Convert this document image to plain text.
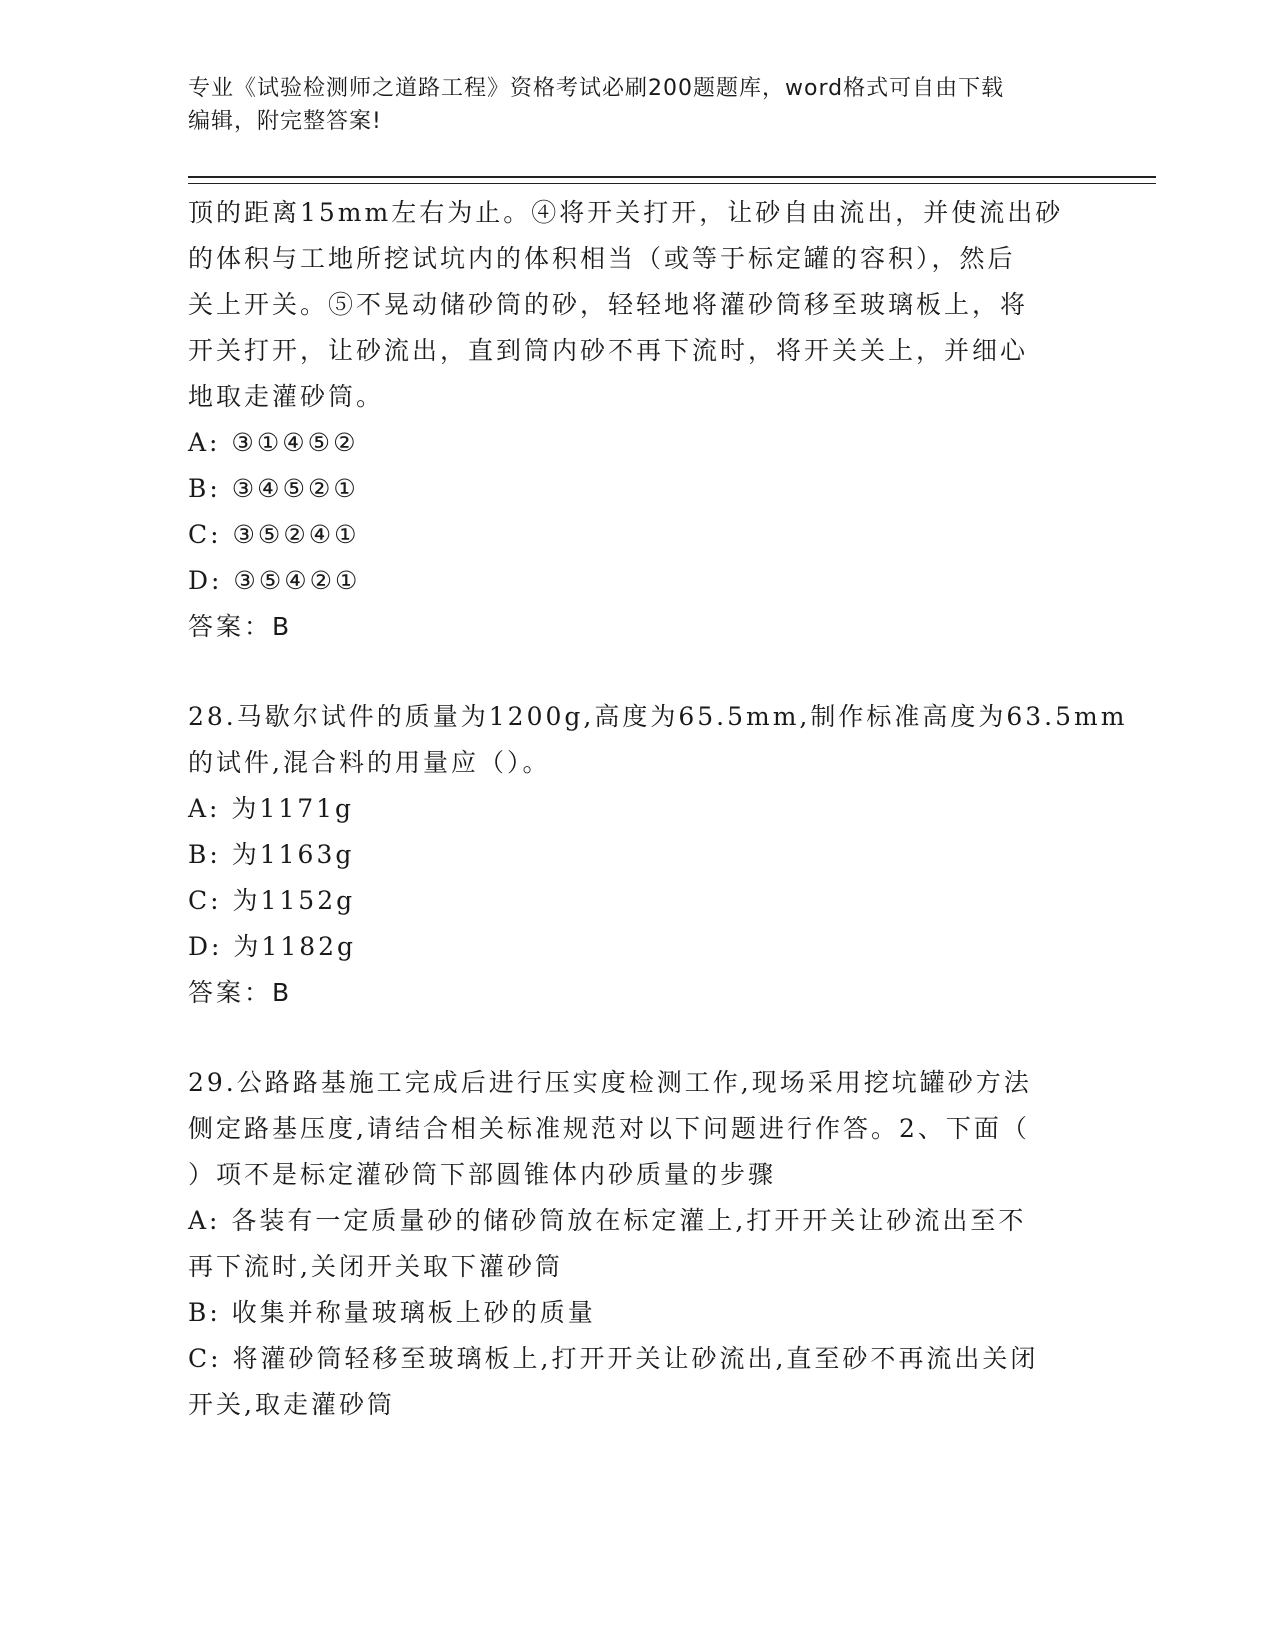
专业《试验检测师之道路工程》资格考试必刷200题题库，word格式可自由下载
编辑，附完整答案!
顶的距离15mm左右为止。④将开关打开，让砂自由流出，并使流出砂
的体积与工地所挖试坑内的体积相当（或等于标定罐的容积），然后
关上开关。⑤不晃动储砂筒的砂，轻轻地将灌砂筒移至玻璃板上，将
开关打开，让砂流出，直到筒内砂不再下流时，将开关关上，并细心
地取走灌砂筒。
A: ③①④⑤②
B: ③④⑤②①
C: ③⑤②④①
D: ③⑤④②①
答案：B
28.马歇尔试件的质量为1200g,高度为65.5mm,制作标准高度为63.5mm
的试件,混合料的用量应（）。
A: 为1171g
B: 为1163g
C: 为1152g
D: 为1182g
答案：B
29.公路路基施工完成后进行压实度检测工作,现场采用挖坑罐砂方法
侧定路基压度,请结合相关标准规范对以下问题进行作答。2、下面（
）项不是标定灌砂筒下部圆锥体内砂质量的步骤
A: 各装有一定质量砂的储砂筒放在标定灌上,打开开关让砂流出至不
再下流时,关闭开关取下灌砂筒
B: 收集并称量玻璃板上砂的质量
C: 将灌砂筒轻移至玻璃板上,打开开关让砂流出,直至砂不再流出关闭
开关,取走灌砂筒
